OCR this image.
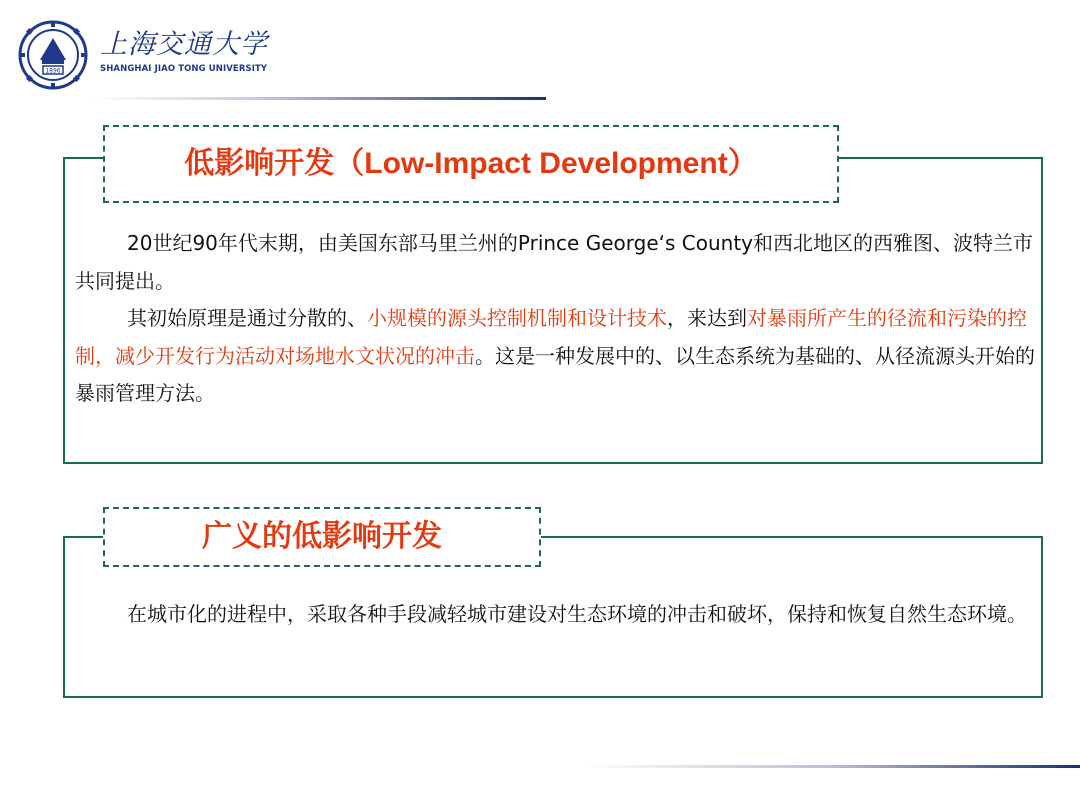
1896
上海交通大学
SHANGHAI JIAO TONG UNIVERSITY
低影响开发（Low-Impact Development）

20世纪90年代末期，由美国东部马里兰州的Prince George‘s County和西北地区的西雅图、波特兰市共同提出。

其初始原理是通过分散的、小规模的源头控制机制和设计技术，来达到对暴雨所产生的径流和污染的控制，减少开发行为活动对场地水文状况的冲击。这是一种发展中的、以生态系统为基础的、从径流源头开始的暴雨管理方法。

广义的低影响开发

在城市化的进程中，采取各种手段减轻城市建设对生态环境的冲击和破坏，保持和恢复自然生态环境。
